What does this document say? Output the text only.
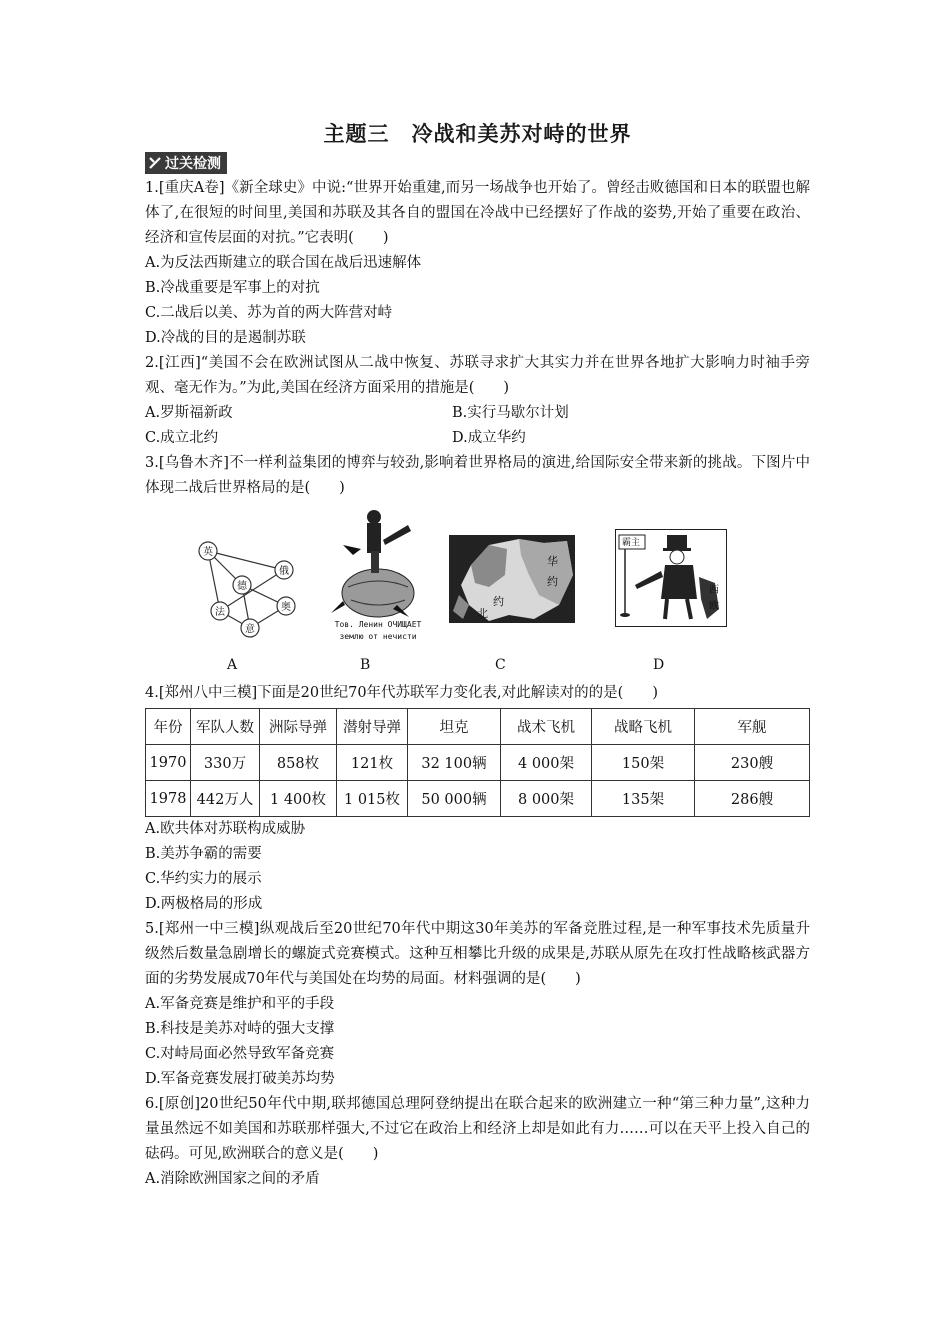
主题三　冷战和美苏对峙的世界
过关检测

1.[重庆A卷]《新全球史》中说:“世界开始重建,而另一场战争也开始了。曾经击败德国和日本的联盟也解体了,在很短的时间里,美国和苏联及其各自的盟国在冷战中已经摆好了作战的姿势,开始了重要在政治、经济和宣传层面的对抗。”它表明(　　)

A.为反法西斯建立的联合国在战后迅速解体

B.冷战重要是军事上的对抗

C.二战后以美、苏为首的两大阵营对峙

D.冷战的目的是遏制苏联

2.[江西]“美国不会在欧洲试图从二战中恢复、苏联寻求扩大其实力并在世界各地扩大影响力时袖手旁观、毫无作为。”为此,美国在经济方面采用的措施是(　　)

A.罗斯福新政	B.实行马歇尔计划
C.成立北约	D.成立华约

3.[乌鲁木齐]不一样利益集团的博弈与较劲,影响着世界格局的演进,给国际安全带来新的挑战。下图片中体现二战后世界格局的是(　　)

英
俄
德
法	奥
意	Тов. Ленин ОЧИЩАЕТ
землю от нечисти
华
约
约
北
霸主
西
欧
A	B	C	D

4.[郑州八中三模]下面是20世纪70年代苏联军力变化表,对此解读对的的是(　　)

年份	军队人数	洲际导弹	潜射导弹	坦克	战术飞机	战略飞机	军舰
1970	330万	858枚	121枚	32 100辆	4 000架	150架	230艘
1978	442万人	1 400枚	1 015枚	50 000辆	8 000架	135架	286艘

A.欧共体对苏联构成威胁

B.美苏争霸的需要

C.华约实力的展示

D.两极格局的形成

5.[郑州一中三模]纵观战后至20世纪70年代中期这30年美苏的军备竞胜过程,是一种军事技术先质量升级然后数量急剧增长的螺旋式竞赛模式。这种互相攀比升级的成果是,苏联从原先在攻打性战略核武器方面的劣势发展成70年代与美国处在均势的局面。材料强调的是(　　)

A.军备竞赛是维护和平的手段

B.科技是美苏对峙的强大支撑

C.对峙局面必然导致军备竞赛

D.军备竞赛发展打破美苏均势

6.[原创]20世纪50年代中期,联邦德国总理阿登纳提出在联合起来的欧洲建立一种“第三种力量”,这种力量虽然远不如美国和苏联那样强大,不过它在政治上和经济上却是如此有力……可以在天平上投入自己的砝码。可见,欧洲联合的意义是(　　)

A.消除欧洲国家之间的矛盾
